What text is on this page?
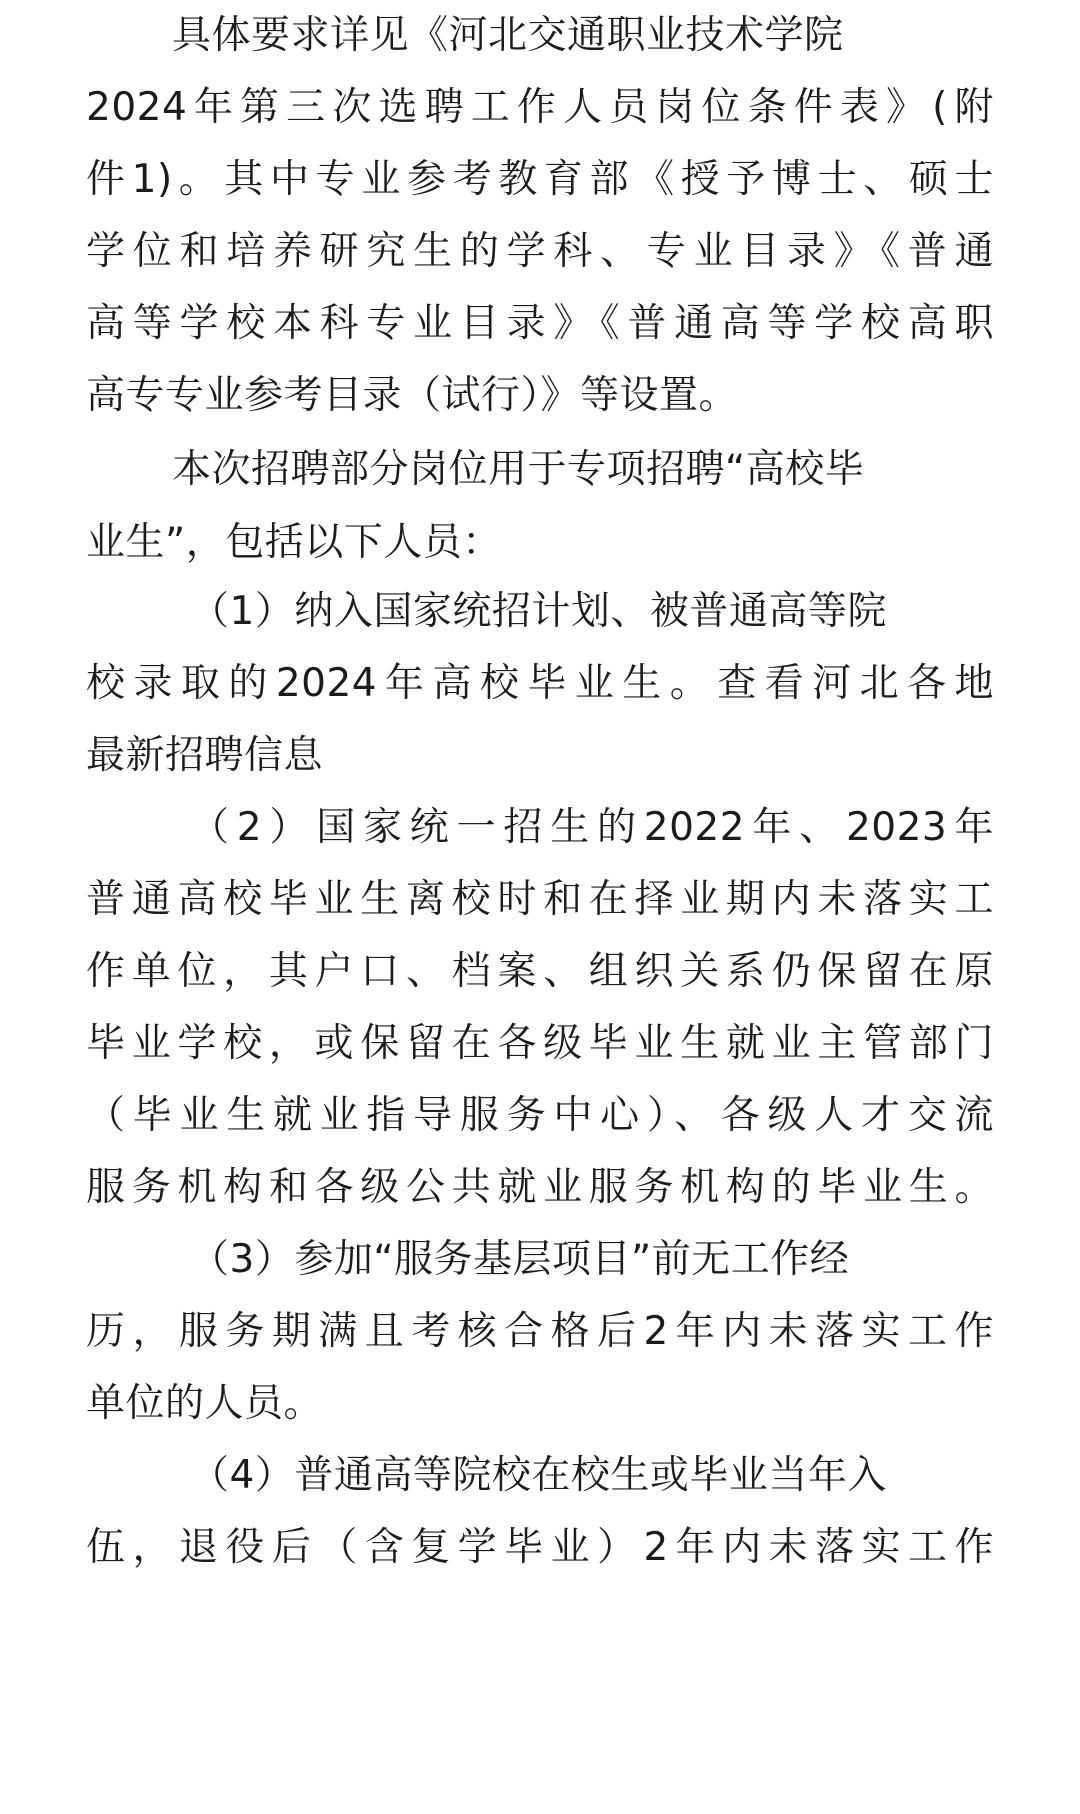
具体要求详见《河北交通职业技术学院
2024年第三次选聘工作人员岗位条件表》(附
件1)。其中专业参考教育部《授予博士、硕士
学位和培养研究生的学科、专业目录》《普通
高等学校本科专业目录》《普通高等学校高职
高专专业参考目录（试行）》等设置。
本次招聘部分岗位用于专项招聘“高校毕
业生”，包括以下人员：
（1）纳入国家统招计划、被普通高等院
校录取的2024年高校毕业生。查看河北各地
最新招聘信息
（2）国家统一招生的2022年、2023年
普通高校毕业生离校时和在择业期内未落实工
作单位，其户口、档案、组织关系仍保留在原
毕业学校，或保留在各级毕业生就业主管部门
（毕业生就业指导服务中心）、各级人才交流
服务机构和各级公共就业服务机构的毕业生。
（3）参加“服务基层项目”前无工作经
历，服务期满且考核合格后2年内未落实工作
单位的人员。
（4）普通高等院校在校生或毕业当年入
伍，退役后（含复学毕业）2年内未落实工作
